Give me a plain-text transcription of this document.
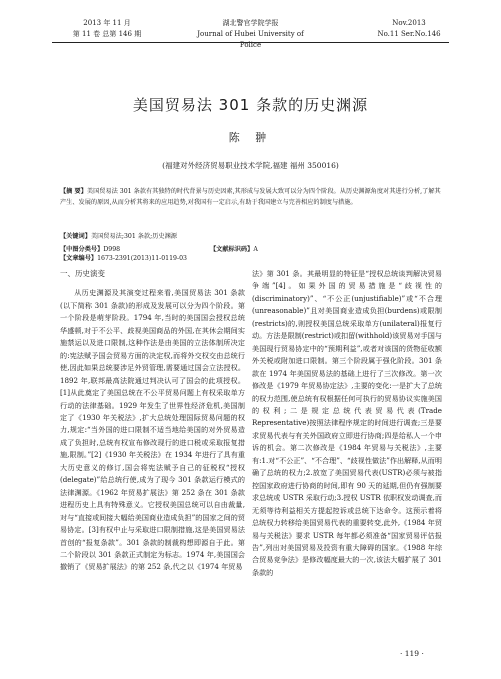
2013 年 11 月
第 11 卷 总第 146 期
湖北警官学院学报
Journal of Hubei University of Police
Nov.2013
No.11 Ser.No.146
美国贸易法 301 条款的历史渊源
陈 翀
(福建对外经济贸易职业技术学院,福建 福州 350016)
【摘 要】美国贸易法 301 条款有其独特的时代背景与历史因素,其形成与发展大致可以分为四个阶段。从历史渊源角度对其进行分析,了解其产生、发展的原因,从而分析其将来的应用趋势,对我国有一定启示,有助于我国建立与完善相应的制度与措施。
【关键词】美国贸易法;301 条款;历史渊源
【中图分类号】D998	【文献标识码】A【文章编号】1673-2391(2013)11-0119-03
一、历史演变

从历史渊源及其演变过程来看,美国贸易法 301 条款(以下简称 301 条款)的形成及发展可以分为四个阶段。第一个阶段是萌芽阶段。1794 年,当时的美国国会授权总统华盛顿,对于不公平、歧视美国商品的外国,在其休会期间实施禁运以及进口限制,这种作法是由美国的立法体制所决定的:宪法赋予国会贸易方面的决定权,而将外交权交由总统行使,因此如果总统要涉足外贸管理,需要通过国会立法授权。1892 年,联邦最高法院通过判决认可了国会的此项授权。[1]从此奠定了美国总统在不公平贸易问题上有权采取单方行动的法律基础。1929 年发生了世界性经济危机,美国制定了《1930 年关税法》,扩大总统处理国际贸易问题的权力,规定:“当外国的进口限制不适当地给美国的对外贸易造成了负担时,总统有权宣布修改现行的进口税或采取报复措施,限制。”[2]《1930 年关税法》在 1934 年进行了具有重大历史意义的修订,国会将宪法赋予自己的征税权“授权(delegate)”给总统行使,成为了现今 301 条款运行模式的法律渊源。《1962 年贸易扩展法》第 252 条在 301 条款进程历史上具有特殊意义。它授权美国总统可以自由裁量,对与“直接或间接大幅给美国商业造成负担”的国家之间的贸易协定。[3]有权中止与采取进口限制措施,这是美国贸易法首创的“报复条款”。301 条款的制裁构想即源自于此。第二个阶段以 301 条款正式制定为标志。1974 年,美国国会撤销了《贸易扩展法》的第 252 条,代之以《1974 年贸易

法》第 301 条。其最明显的特征是“授权总统谈判解决贸易争端”[4]。如果外国的贸易措施是“歧视性的(discriminatory)”、“不公正(unjustifiable)”或“不合理(unreasonable)”且对美国商业造成负担(burdens)或限制(restricts)的,则授权美国总统采取单方(unilateral)报复行动。方法是限制(restrict)或扣留(withhold)该贸易对手国与美国现行贸易协定中的“预期利益”,或者对该国的货物征收额外关税或附加进口限制。第三个阶段属于强化阶段。301 条款在 1974 年美国贸易法的基础上进行了三次修改。第一次修改是《1979 年贸易协定法》,主要的变化:一是扩大了总统的权力范围,使总统有权根据任何可执行的贸易协议实施美国的权利;二是规定总统代表贸易代表(Trade Representative)按照法律程序规定的时间进行调查;三是要求贸易代表与有关外国政府立即进行协商;四是给私人一个申诉的机会。第二次修改是《1984 年贸易与关税法》,主要有:1.对“不公正”、“不合理”、“歧视性做法”作出解释,从而明确了总统的权力;2.放宽了美国贸易代表(USTR)必须与被指控国家政府进行协商的时间,即有 90 天的延期,但仍有强制要求总统或 USTR 采取行动;3.授权 USTR 依职权发动调查,而无须等待利益相关方提起控诉或总统下达命令。这预示着将总统权力转移给美国贸易代表的重要转变,此外,《1984 年贸易与关税法》要求 USTR 每年都必须准备“国家贸易评估报告”,列出对美国贸易及投资有重大障碍的国家。《1988 年综合贸易竞争法》是修改幅度最大的一次,该法大幅扩展了 301 条款的

· 119 ·
